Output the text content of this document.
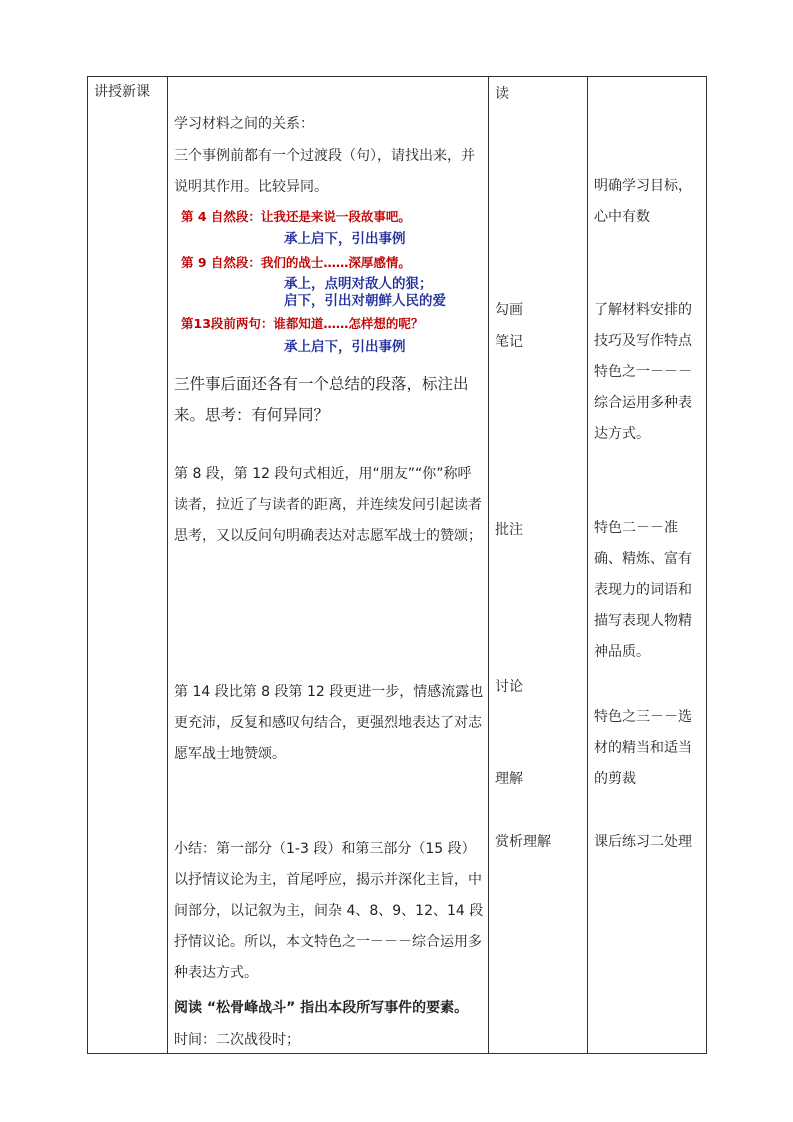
讲授新课
学习材料之间的关系：
三个事例前都有一个过渡段（句），请找出来，并说明其作用。比较异同。
第 4 自然段：让我还是来说一段故事吧。
承上启下，引出事例
第 9 自然段：我们的战士……深厚感情。
承上，点明对敌人的狠；
启下，引出对朝鲜人民的爱
第13段前两句：谁都知道……怎样想的呢？
承上启下，引出事例
三件事后面还各有一个总结的段落，标注出来。思考：有何异同？
第 8 段，第 12 段句式相近，用“朋友”“你”称呼读者，拉近了与读者的距离，并连续发问引起读者思考，又以反问句明确表达对志愿军战士的赞颂；
第 14 段比第 8 段第 12 段更进一步，情感流露也更充沛，反复和感叹句结合，更强烈地表达了对志愿军战士地赞颂。
小结：第一部分（1-3 段）和第三部分（15 段）以抒情议论为主，首尾呼应，揭示并深化主旨，中间部分，以记叙为主，间杂 4、8、9、12、14 段抒情议论。所以，本文特色之一－－－综合运用多种表达方式。
阅读 “松骨峰战斗” 指出本段所写事件的要素。
时间：二次战役时；
读
勾画
笔记
批注
讨论
理解
赏析理解
明确学习目标，心中有数
了解材料安排的技巧及写作特点
特色之一－－－综合运用多种表达方式。
特色二－－准确、精炼、富有表现力的词语和描写表现人物精神品质。
特色之三－－选材的精当和适当的剪裁
课后练习二处理
